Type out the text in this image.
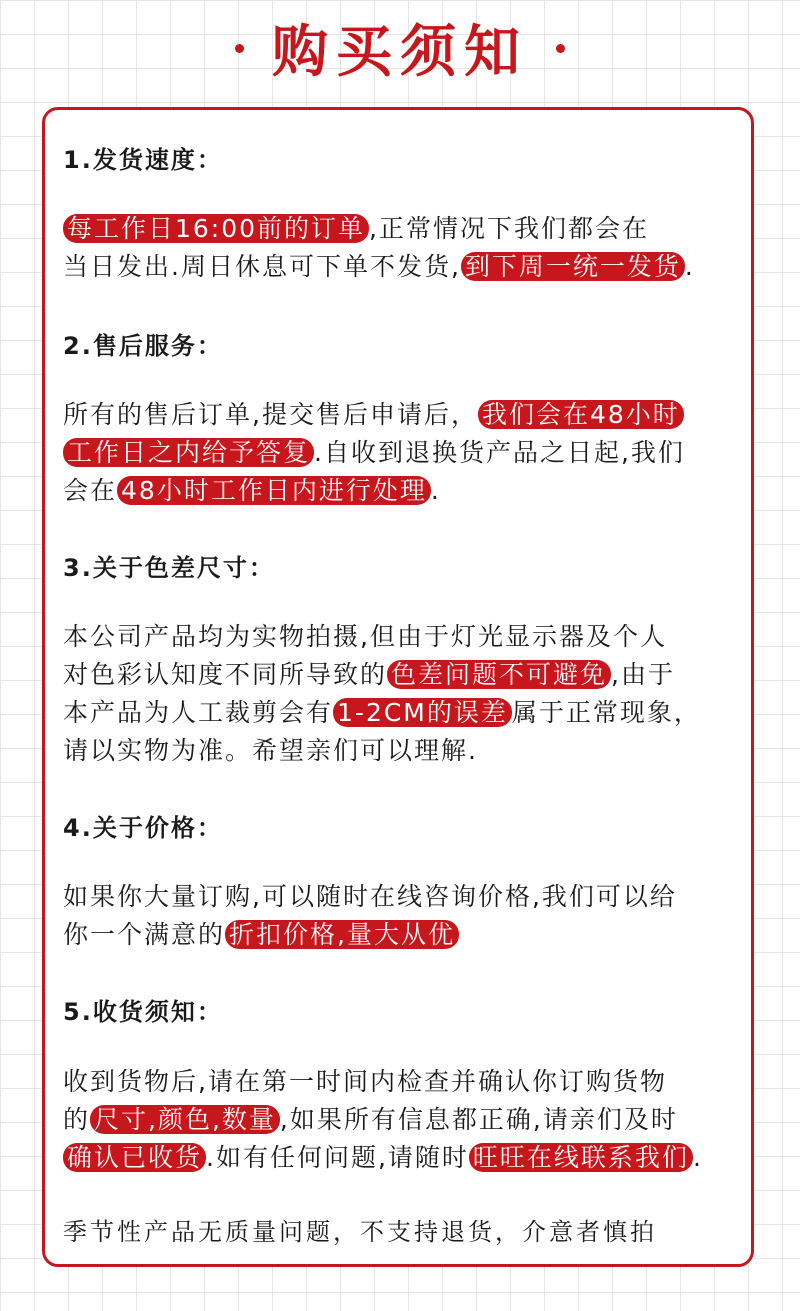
购买须知
1.发货速度：
每工作日16:00前的订单 ,正常情况下我们都会在
当日发出.周日休息可下单不发货, 到下周一统一发货 .
2.售后服务：
所有的售后订单,提交售后申请后， 我们会在48小时
工作日之内给予答复 .自收到退换货产品之日起,我们
会在 48小时工作日内进行处理 .
3.关于色差尺寸：
本公司产品均为实物拍摄,但由于灯光显示器及个人
对色彩认知度不同所导致的 色差问题不可避免 ,由于
本产品为人工裁剪会有 1-2CM的误差 属于正常现象，
请以实物为准。希望亲们可以理解.
4.关于价格：
如果你大量订购,可以随时在线咨询价格,我们可以给
你一个满意的 折扣价格,量大从优
5.收货须知：
收到货物后,请在第一时间内检查并确认你订购货物
的 尺寸,颜色,数量 ,如果所有信息都正确,请亲们及时
确认已收货 .如有任何问题,请随时 旺旺在线联系我们 .
季节性产品无质量问题，不支持退货，介意者慎拍
